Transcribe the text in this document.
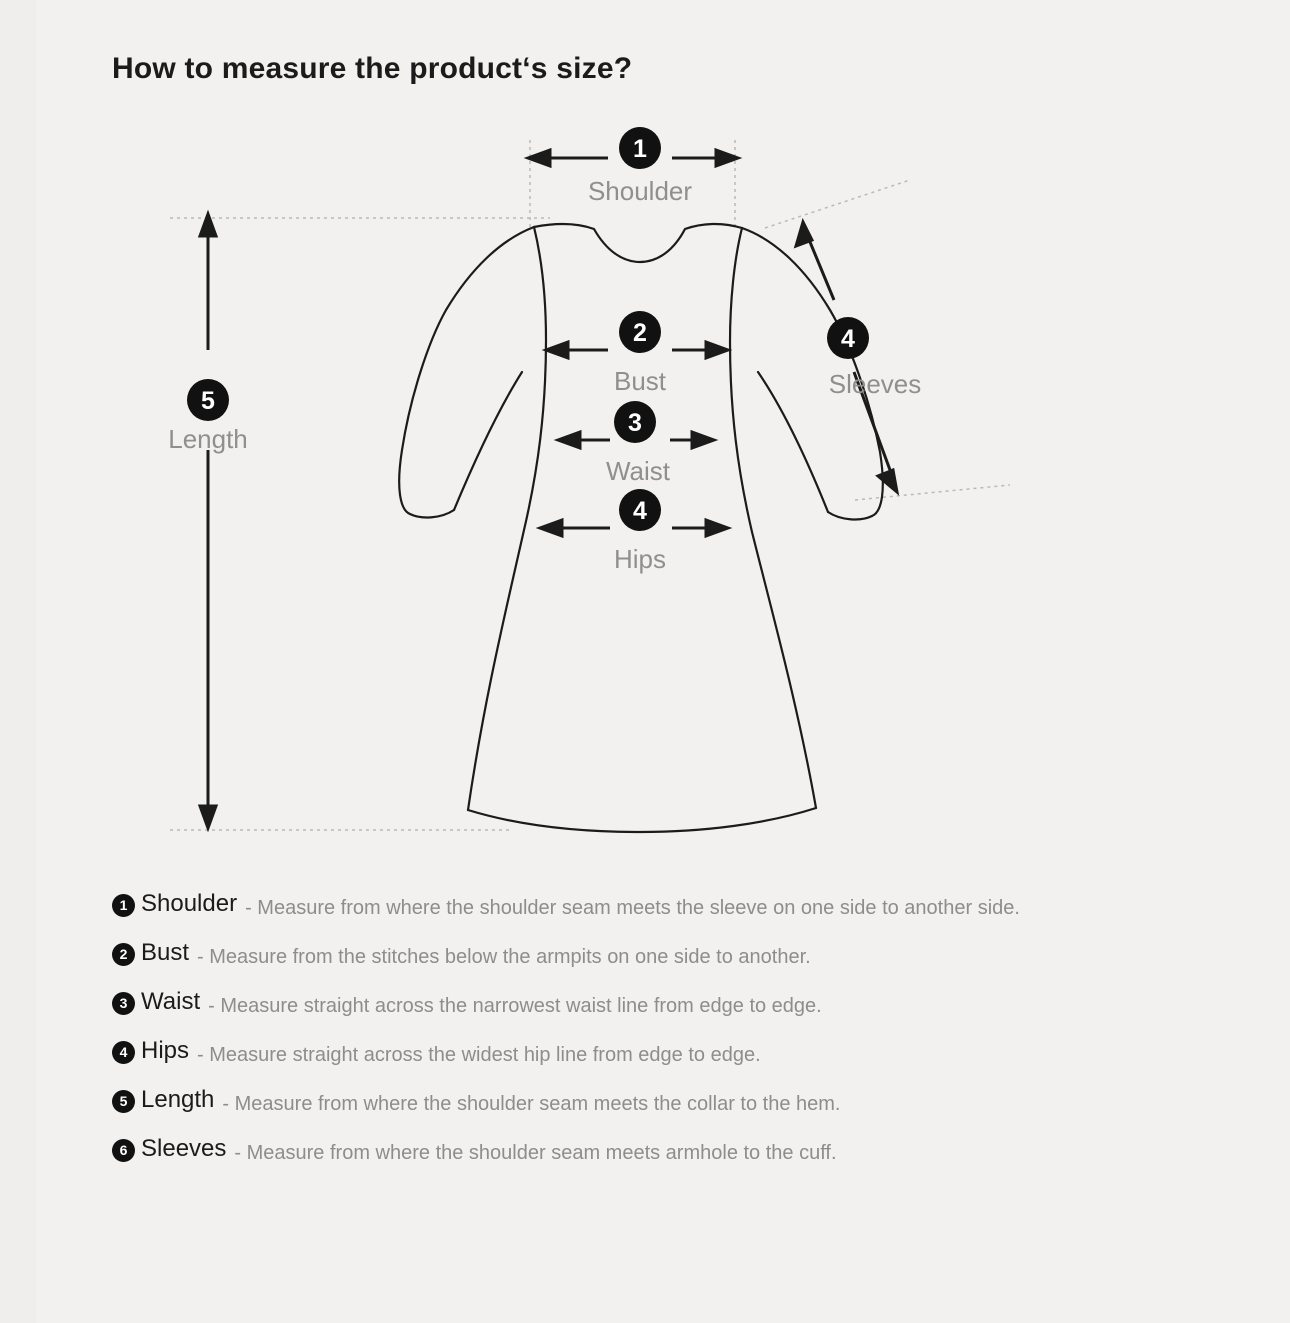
How to measure the product‘s size?
5
Length
1
Shoulder
2
Bust
3
Waist
4
Hips
4
Sleeves
1 Shoulder - Measure from where the shoulder seam meets the sleeve on one side to another side.
2 Bust - Measure from the stitches below the armpits on one side to another.
3 Waist - Measure straight across the narrowest waist line from edge to edge.
4 Hips - Measure straight across the widest hip line from edge to edge.
5 Length - Measure from where the shoulder seam meets the collar to the hem.
6 Sleeves - Measure from where the shoulder seam meets armhole to the cuff.
